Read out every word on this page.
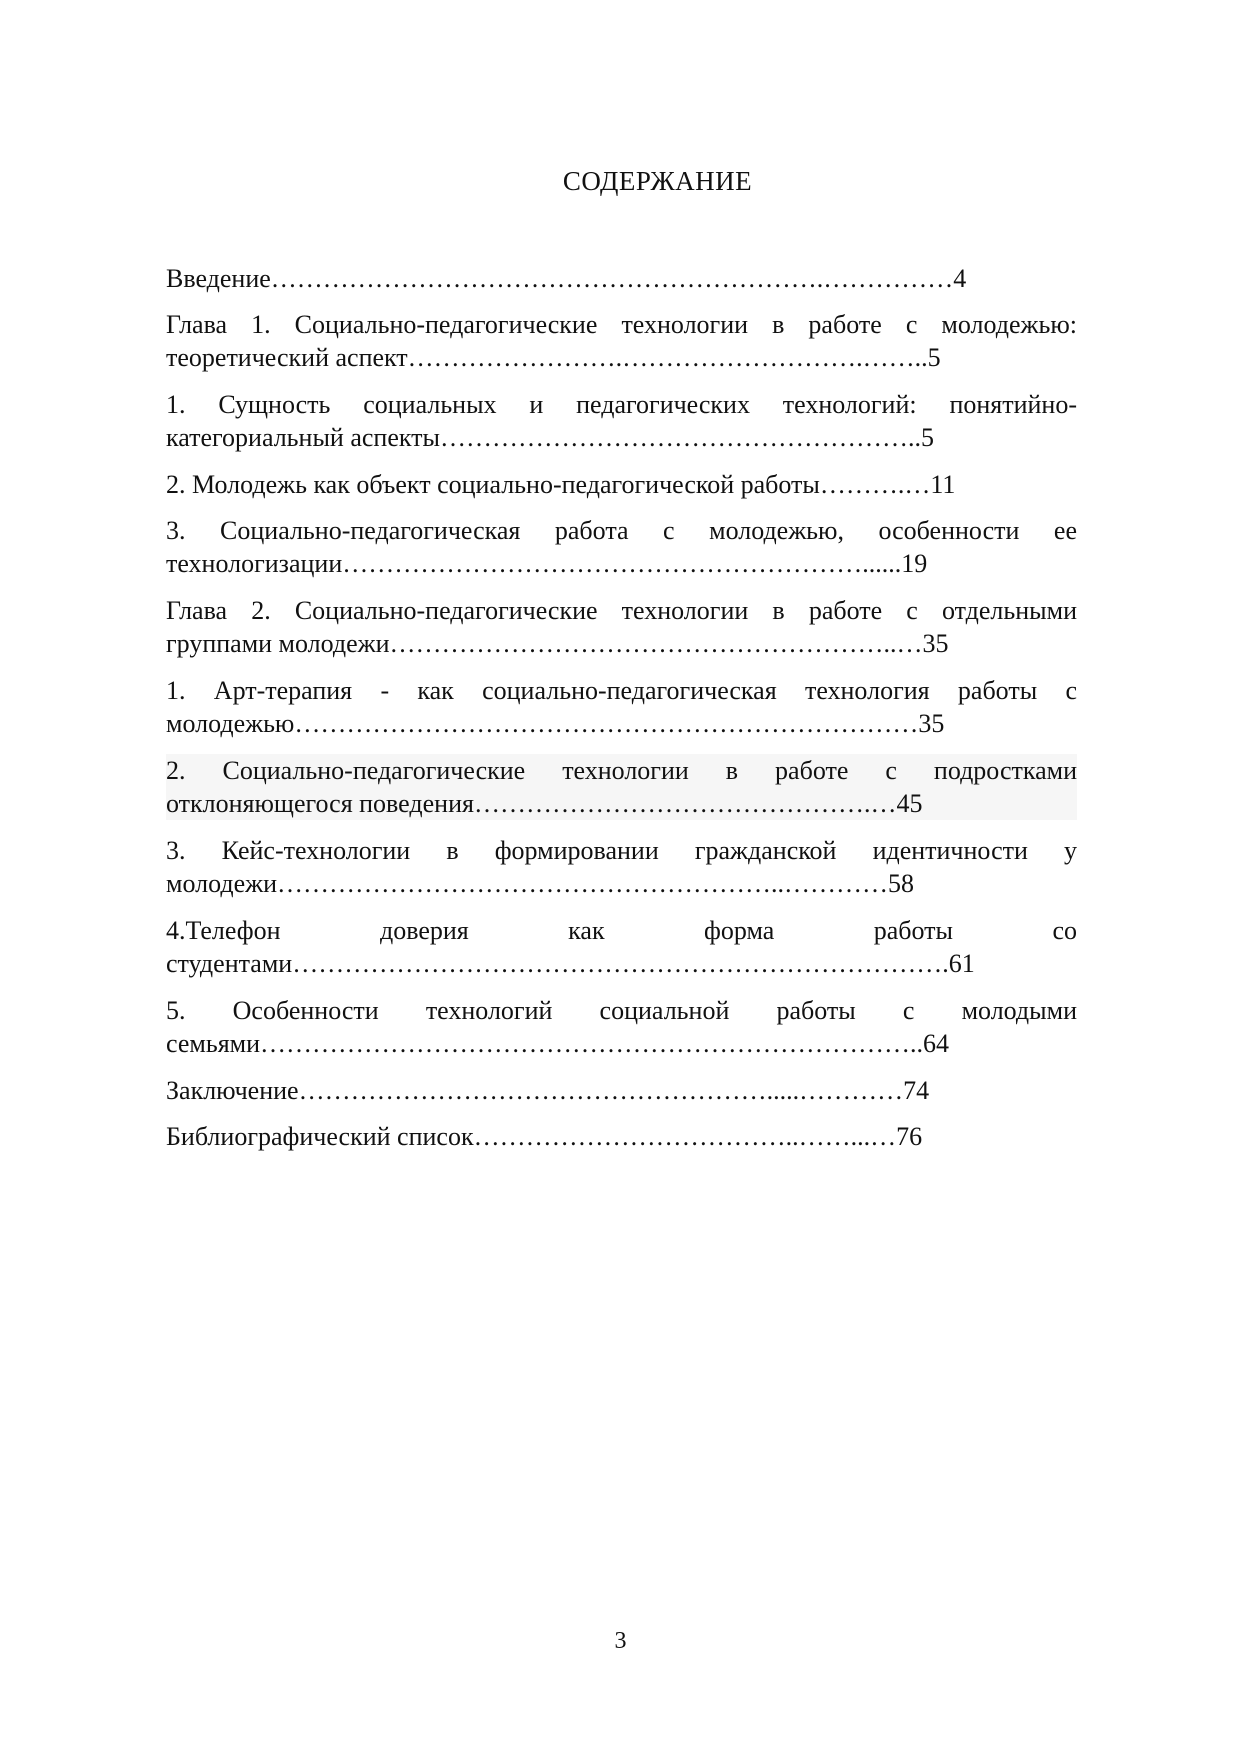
СОДЕРЖАНИЕ

Введение……………………………………………………….……………4

Глава 1. Социально-педагогические технологии в работе с молодежью:
теоретический аспект…………………….……………………….……..5

1. Сущность социальных и педагогических технологий: понятийно-
категориальный аспекты………………………………………………..5

2. Молодежь как объект социально-педагогической работы……….…11

3. Социально-педагогическая работа с молодежью, особенности ее
технологизации……………………………………………………......19

Глава 2. Социально-педагогические технологии в работе с отдельными
группами молодежи…………………………………………………..…35

1. Арт-терапия - как социально-педагогическая технология работы с
молодежью………………………………………………………………35

2. Социально-педагогические технологии в работе с подростками
отклоняющегося поведения……………………………………….…45

3. Кейс-технологии в формировании гражданской идентичности у
молодежи…………………………………………………..…………58

4.Телефон доверия как форма работы со
студентами………………………………………………………………….61

5. Особенности технологий социальной работы с молодыми
семьями…………………………………………………………………..64

Заключение……………………………………………….....…………74

Библиографический список………………………………..……...…76

3
